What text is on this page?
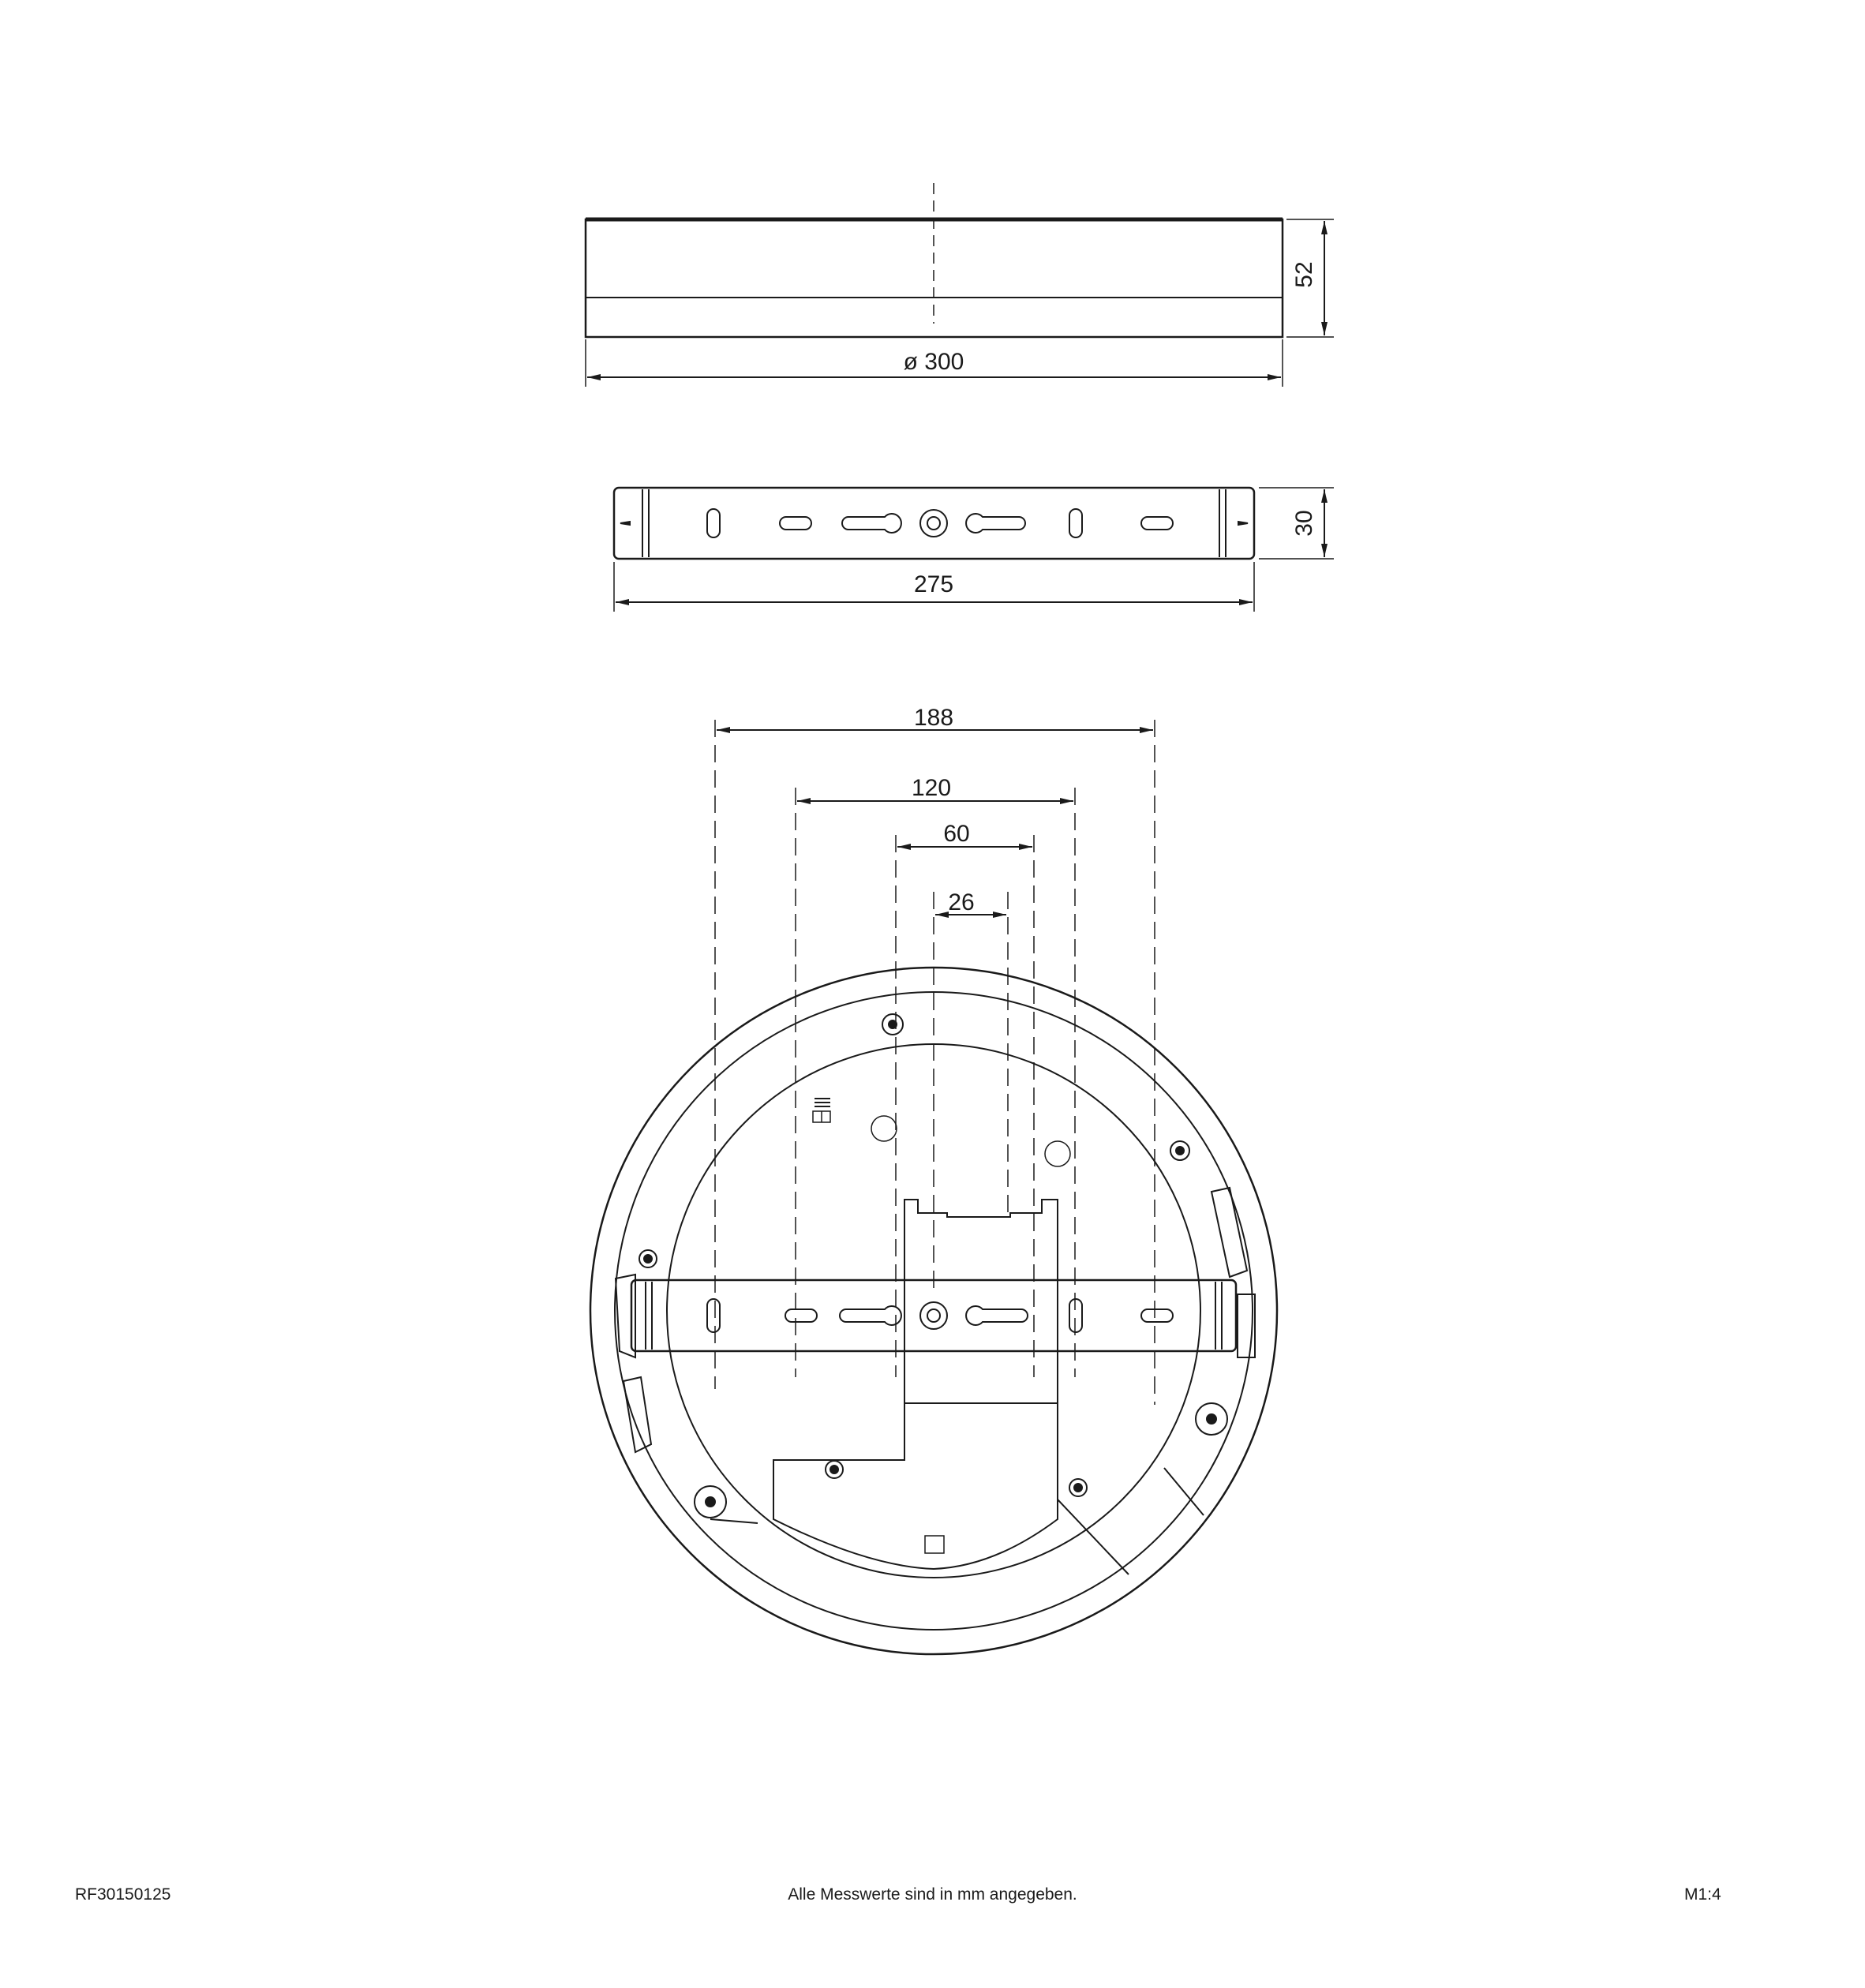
52
ø 300
30
275
188
120
60
26
RF30150125	Alle Messwerte sind in mm angegeben.	M1:4
